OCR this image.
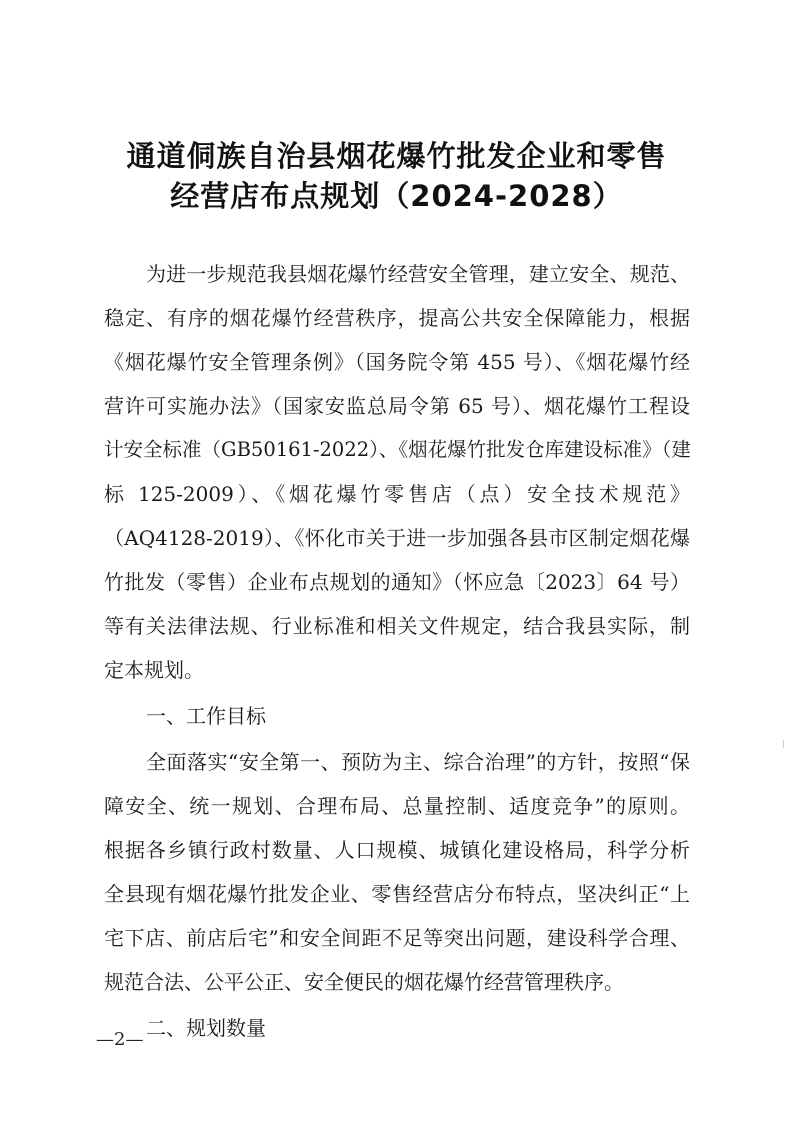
通道侗族自治县烟花爆竹批发企业和零售
经营店布点规划（2024-2028）
为进一步规范我县烟花爆竹经营安全管理，建立安全、规范、
稳定、有序的烟花爆竹经营秩序，提高公共安全保障能力，根据
《烟花爆竹安全管理条例》（国务院令第 455 号）、《烟花爆竹经
营许可实施办法》（国家安监总局令第 65 号）、烟花爆竹工程设
计安全标准（GB50161-2022）、《烟花爆竹批发仓库建设标准》（建
标 125-2009）、《烟花爆竹零售店（点）安全技术规范》
（AQ4128-2019）、《怀化市关于进一步加强各县市区制定烟花爆
竹批发（零售）企业布点规划的通知》（怀应急〔2023〕64 号）
等有关法律法规、行业标准和相关文件规定，结合我县实际，制
定本规划。
一、工作目标
全面落实“安全第一、预防为主、综合治理”的方针，按照“保
障安全、统一规划、合理布局、总量控制、适度竞争”的原则。
根据各乡镇行政村数量、人口规模、城镇化建设格局，科学分析
全县现有烟花爆竹批发企业、零售经营店分布特点，坚决纠正“上
宅下店、前店后宅”和安全间距不足等突出问题，建设科学合理、
规范合法、公平公正、安全便民的烟花爆竹经营管理秩序。
二、规划数量
—2—
